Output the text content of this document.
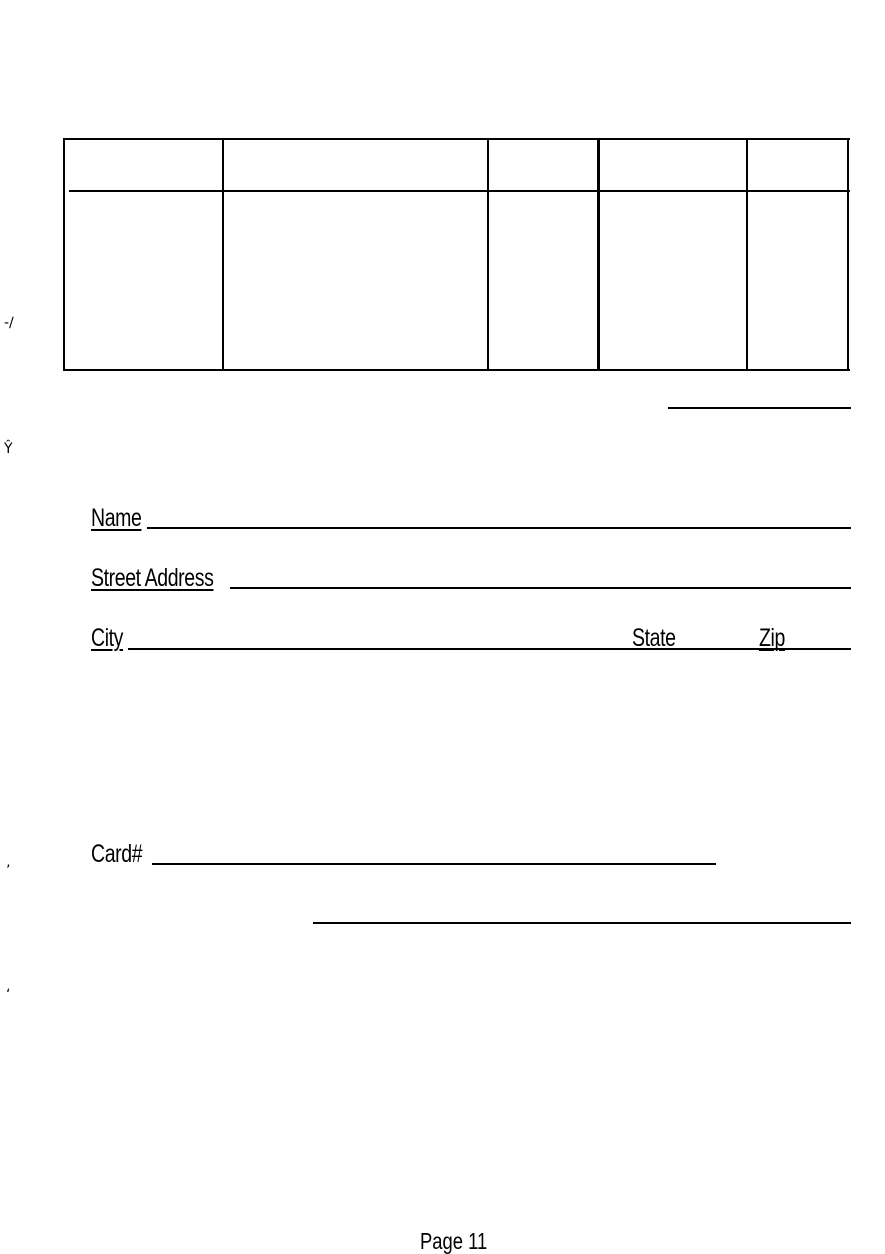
-∕
Ŷ
’
‘
Name
Street Address
City	State	Zip
Card#
Page 11
